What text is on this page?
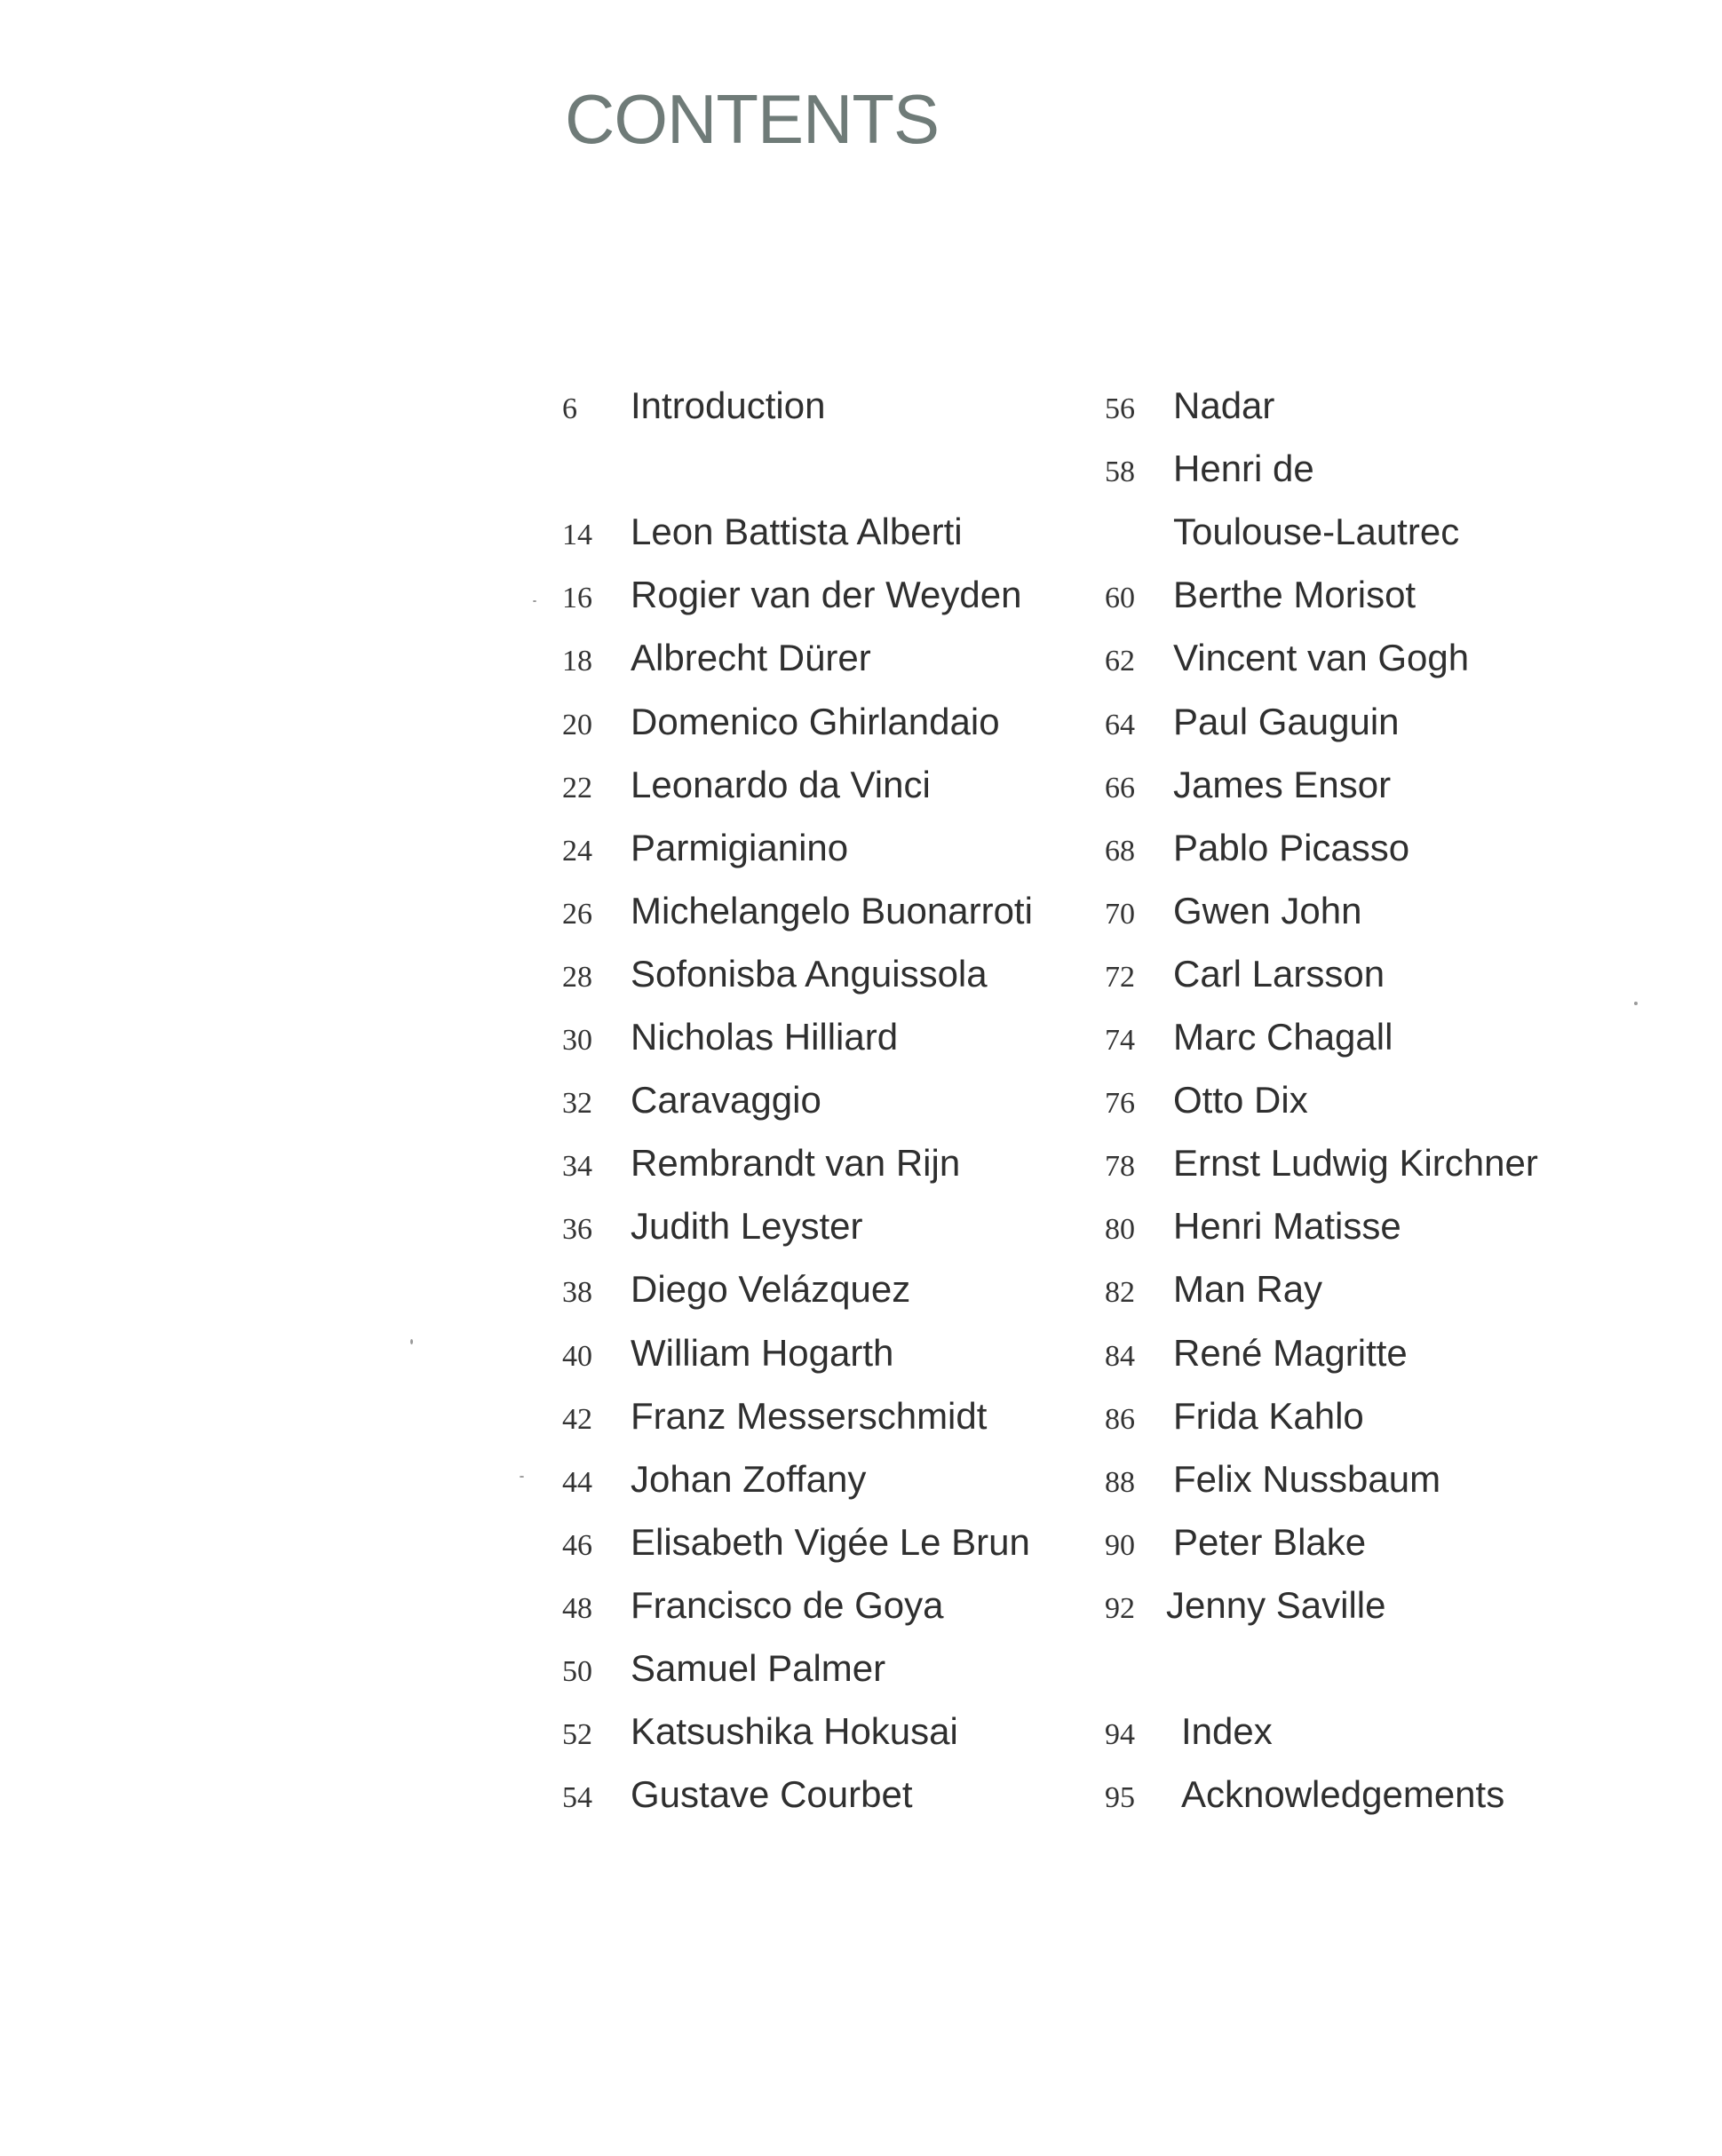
CONTENTS
6 Introduction
14 Leon Battista Alberti
16 Rogier van der Weyden
18 Albrecht Dürer
20 Domenico Ghirlandaio
22 Leonardo da Vinci
24 Parmigianino
26 Michelangelo Buonarroti
28 Sofonisba Anguissola
30 Nicholas Hilliard
32 Caravaggio
34 Rembrandt van Rijn
36 Judith Leyster
38 Diego Velázquez
40 William Hogarth
42 Franz Messerschmidt
44 Johan Zoffany
46 Elisabeth Vigée Le Brun
48 Francisco de Goya
50 Samuel Palmer
52 Katsushika Hokusai
54 Gustave Courbet
56 Nadar
58 Henri de
Toulouse-Lautrec
60 Berthe Morisot
62 Vincent van Gogh
64 Paul Gauguin
66 James Ensor
68 Pablo Picasso
70 Gwen John
72 Carl Larsson
74 Marc Chagall
76 Otto Dix
78 Ernst Ludwig Kirchner
80 Henri Matisse
82 Man Ray
84 René Magritte
86 Frida Kahlo
88 Felix Nussbaum
90 Peter Blake
92 Jenny Saville
94 Index
95 Acknowledgements
